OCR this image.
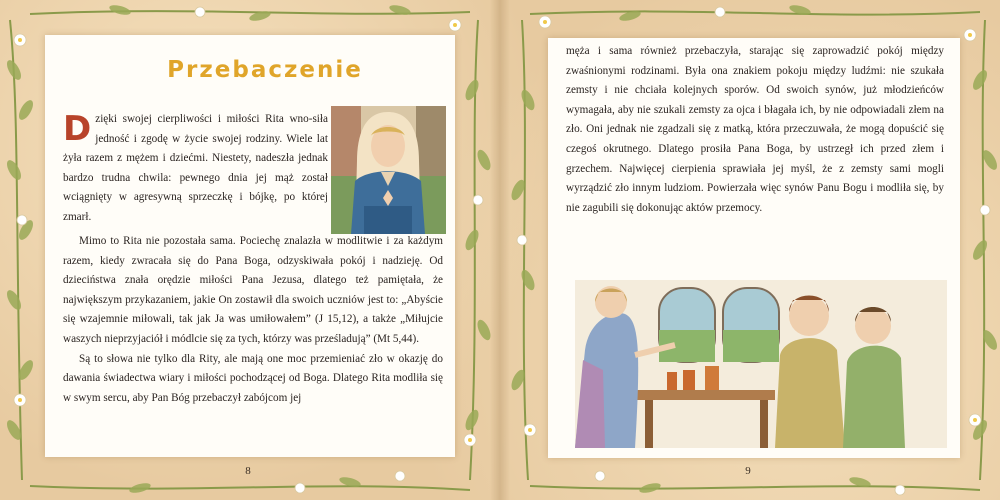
Przebaczenie
D zięki swojej cierpliwości i miłości Rita wno-siła jedność i zgodę w życie swojej rodziny. Wiele lat żyła razem z mężem i dziećmi. Niestety, nadeszła jednak bardzo trudna chwila: pewnego dnia jej mąż został wciągnięty w agresywną sprzeczkę i bójkę, po której zmarł.

Mimo to Rita nie pozostała sama. Pociechę znalazła w modlitwie i za każdym razem, kiedy zwracała się do Pana Boga, odzyskiwała pokój i nadzieję. Od dzieciństwa znała orędzie miłości Pana Jezusa, dlatego też pamiętała, że największym przykazaniem, jakie On zostawił dla swoich uczniów jest to: „Abyście się wzajemnie miłowali, tak jak Ja was umiłowałem” (J 15,12), a także „Miłujcie waszych nieprzyjaciół i módlcie się za tych, którzy was prześladują” (Mt 5,44).

Są to słowa nie tylko dla Rity, ale mają one moc przemieniać zło w okazję do dawania świadectwa wiary i miłości pochodzącej od Boga. Dlatego Rita modliła się w swym sercu, aby Pan Bóg przebaczył zabójcom jej

męża i sama również przebaczyła, starając się zaprowadzić pokój między zwaśnionymi rodzinami. Była ona znakiem pokoju między ludźmi: nie szukała zemsty i nie chciała kolejnych sporów. Od swoich synów, już młodzieńców wymagała, aby nie szukali zemsty za ojca i błagała ich, by nie odpowiadali złem na zło. Oni jednak nie zgadzali się z matką, która przeczuwała, że mogą dopuścić się czegoś okrutnego. Dlatego prosiła Pana Boga, by ustrzegł ich przed złem i grzechem. Najwięcej cierpienia sprawiała jej myśl, że z zemsty sami mogli wyrządzić zło innym ludziom. Powierzała więc synów Panu Bogu i modliła się, by nie zagubili się dokonując aktów przemocy.

8	9
